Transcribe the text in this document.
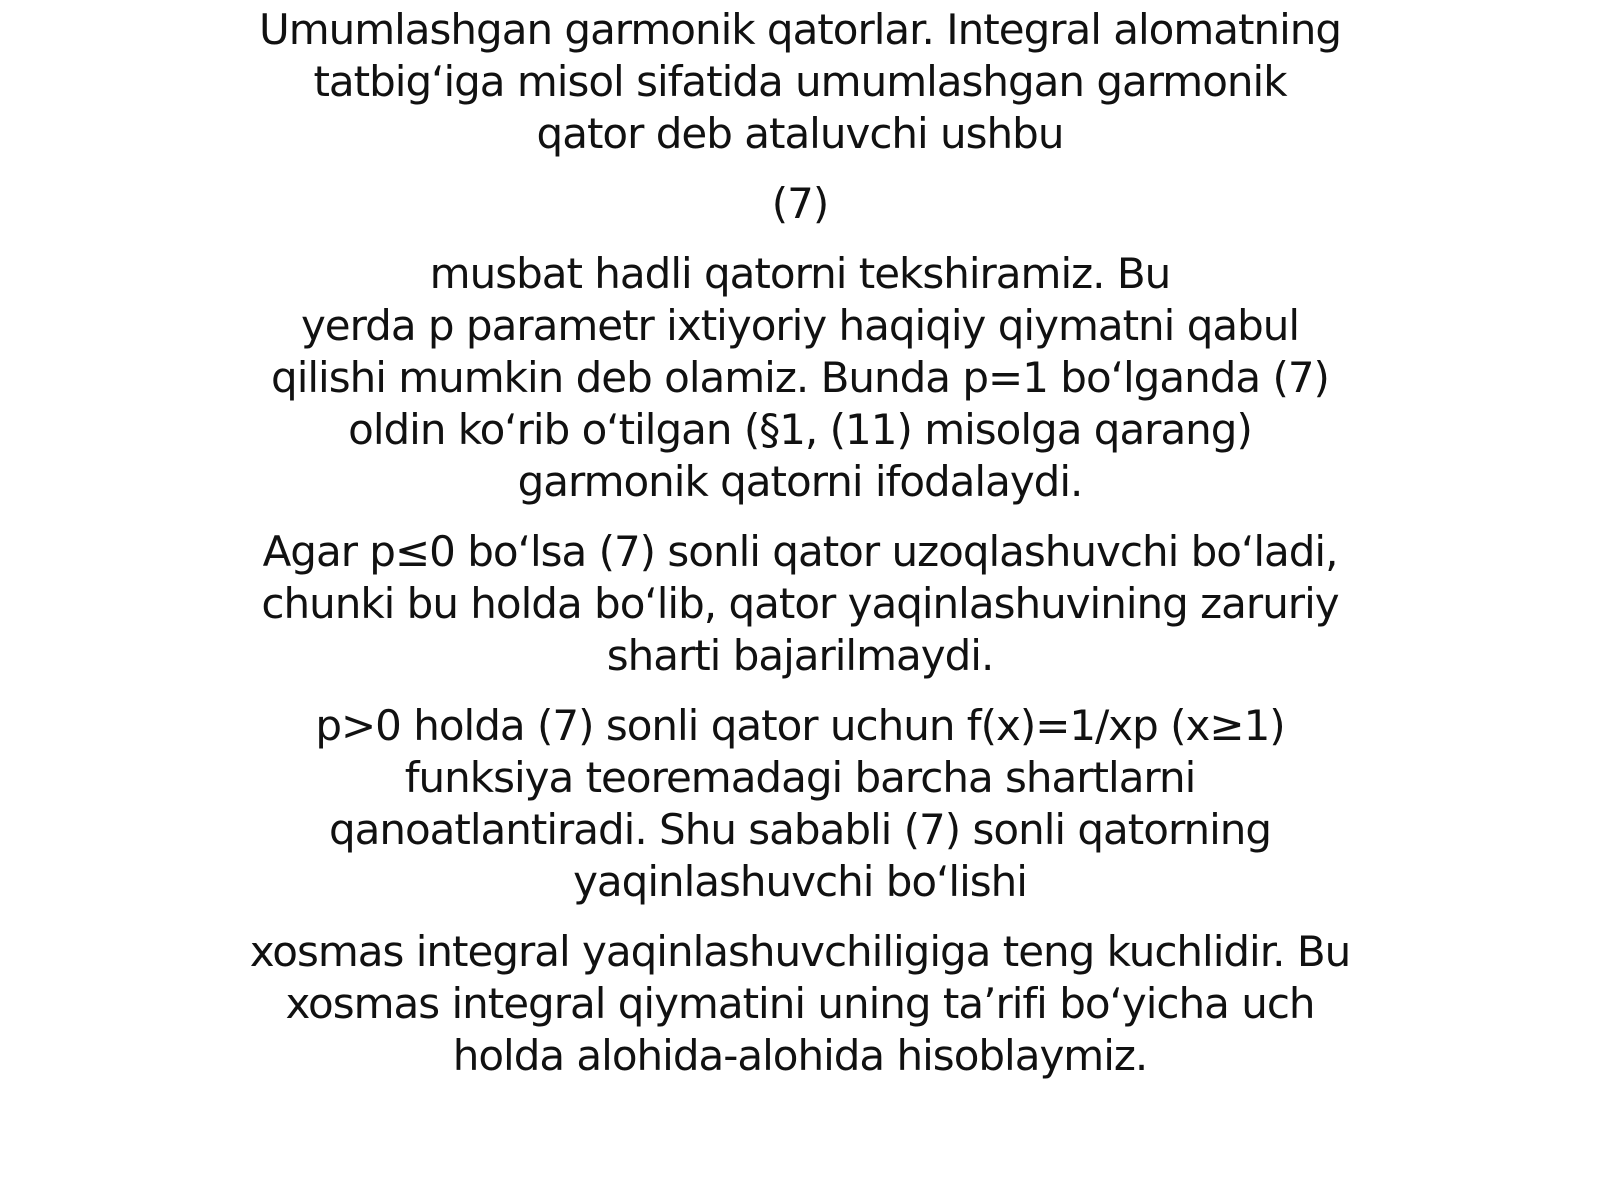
Umumlashgan garmonik qatorlar. Integral alomatning
tatbig‘iga misol sifatida umumlashgan garmonik
qator deb ataluvchi ushbu

(7)

musbat hadli qatorni tekshiramiz. Bu
yerda p parametr ixtiyoriy haqiqiy qiymatni qabul
qilishi mumkin deb olamiz. Bunda p=1 bo‘lganda (7)
oldin ko‘rib o‘tilgan (§1, (11) misolga qarang)
garmonik qatorni ifodalaydi.

Agar p≤0 bo‘lsa (7) sonli qator uzoqlashuvchi bo‘ladi,
chunki bu holda bo‘lib, qator yaqinlashuvining zaruriy
sharti bajarilmaydi.

p>0 holda (7) sonli qator uchun f(x)=1/xp (x≥1)
funksiya teoremadagi barcha shartlarni
qanoatlantiradi. Shu sababli (7) sonli qatorning
yaqinlashuvchi bo‘lishi

xosmas integral yaqinlashuvchiligiga teng kuchlidir. Bu
xosmas integral qiymatini uning ta’rifi bo‘yicha uch
holda alohida-alohida hisoblaymiz.
